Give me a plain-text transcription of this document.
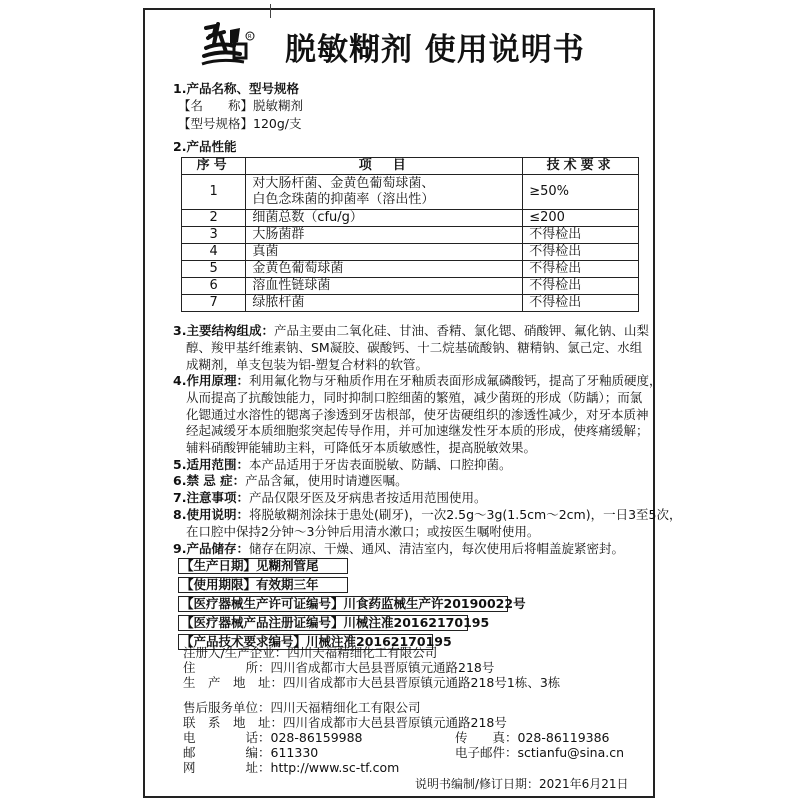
R 脱敏糊剂 使用说明书
1.产品名称、型号规格
【名　　称】脱敏糊剂
【型号规格】120g/支
2.产品性能
序号	项　目	技术要求
1	对大肠杆菌、金黄色葡萄球菌、
白色念珠菌的抑菌率（溶出性）	≥50%
2	细菌总数（cfu/g）	≤200
3	大肠菌群	不得检出
4	真菌	不得检出
5	金黄色葡萄球菌	不得检出
6	溶血性链球菌	不得检出
7	绿脓杆菌	不得检出
3.主要结构组成：产品主要由二氧化硅、甘油、香精、氯化锶、硝酸钾、氟化钠、山梨
醇、羧甲基纤维素钠、SM凝胶、碳酸钙、十二烷基硫酸钠、糖精钠、氯己定、水组
成糊剂，单支包装为铝-塑复合材料的软管。
4.作用原理：利用氟化物与牙釉质作用在牙釉质表面形成氟磷酸钙，提高了牙釉质硬度，
从而提高了抗酸蚀能力，同时抑制口腔细菌的繁殖，减少菌斑的形成（防龋）；而氯
化锶通过水溶性的锶离子渗透到牙齿根部，使牙齿硬组织的渗透性减少，对牙本质神
经起减缓牙本质细胞浆突起传导作用，并可加速继发性牙本质的形成，使疼痛缓解；
辅料硝酸钾能辅助主料，可降低牙本质敏感性，提高脱敏效果。
5.适用范围：本产品适用于牙齿表面脱敏、防龋、口腔抑菌。
6.禁 忌 症：产品含氟，使用时请遵医嘱。
7.注意事项：产品仅限牙医及牙病患者按适用范围使用。
8.使用说明：将脱敏糊剂涂抹于患处(刷牙)，一次2.5g～3g(1.5cm～2cm)，一日3至5次，
在口腔中保持2分钟～3分钟后用清水漱口；或按医生嘱咐使用。
9.产品储存：储存在阴凉、干燥、通风、清洁室内，每次使用后将帽盖旋紧密封。
【生产日期】见糊剂管尾
【使用期限】有效期三年
【医疗器械生产许可证编号】川食药监械生产许20190022号
【医疗器械产品注册证编号】川械注准20162170195
【产品技术要求编号】川械注准20162170195
注册人/生产企业：四川天福精细化工有限公司
住　　　　所：四川省成都市大邑县晋原镇元通路218号
生　产　地　址：四川省成都市大邑县晋原镇元通路218号1栋、3栋
售后服务单位：四川天福精细化工有限公司
联　系　地　址：四川省成都市大邑县晋原镇元通路218号
电　　　　话：028-86159988	传　　真：028-86119386
邮　　　　编：611330	电子邮件：sctianfu@sina.cn
网　　　　址：http://www.sc-tf.com
说明书编制/修订日期：2021年6月21日
